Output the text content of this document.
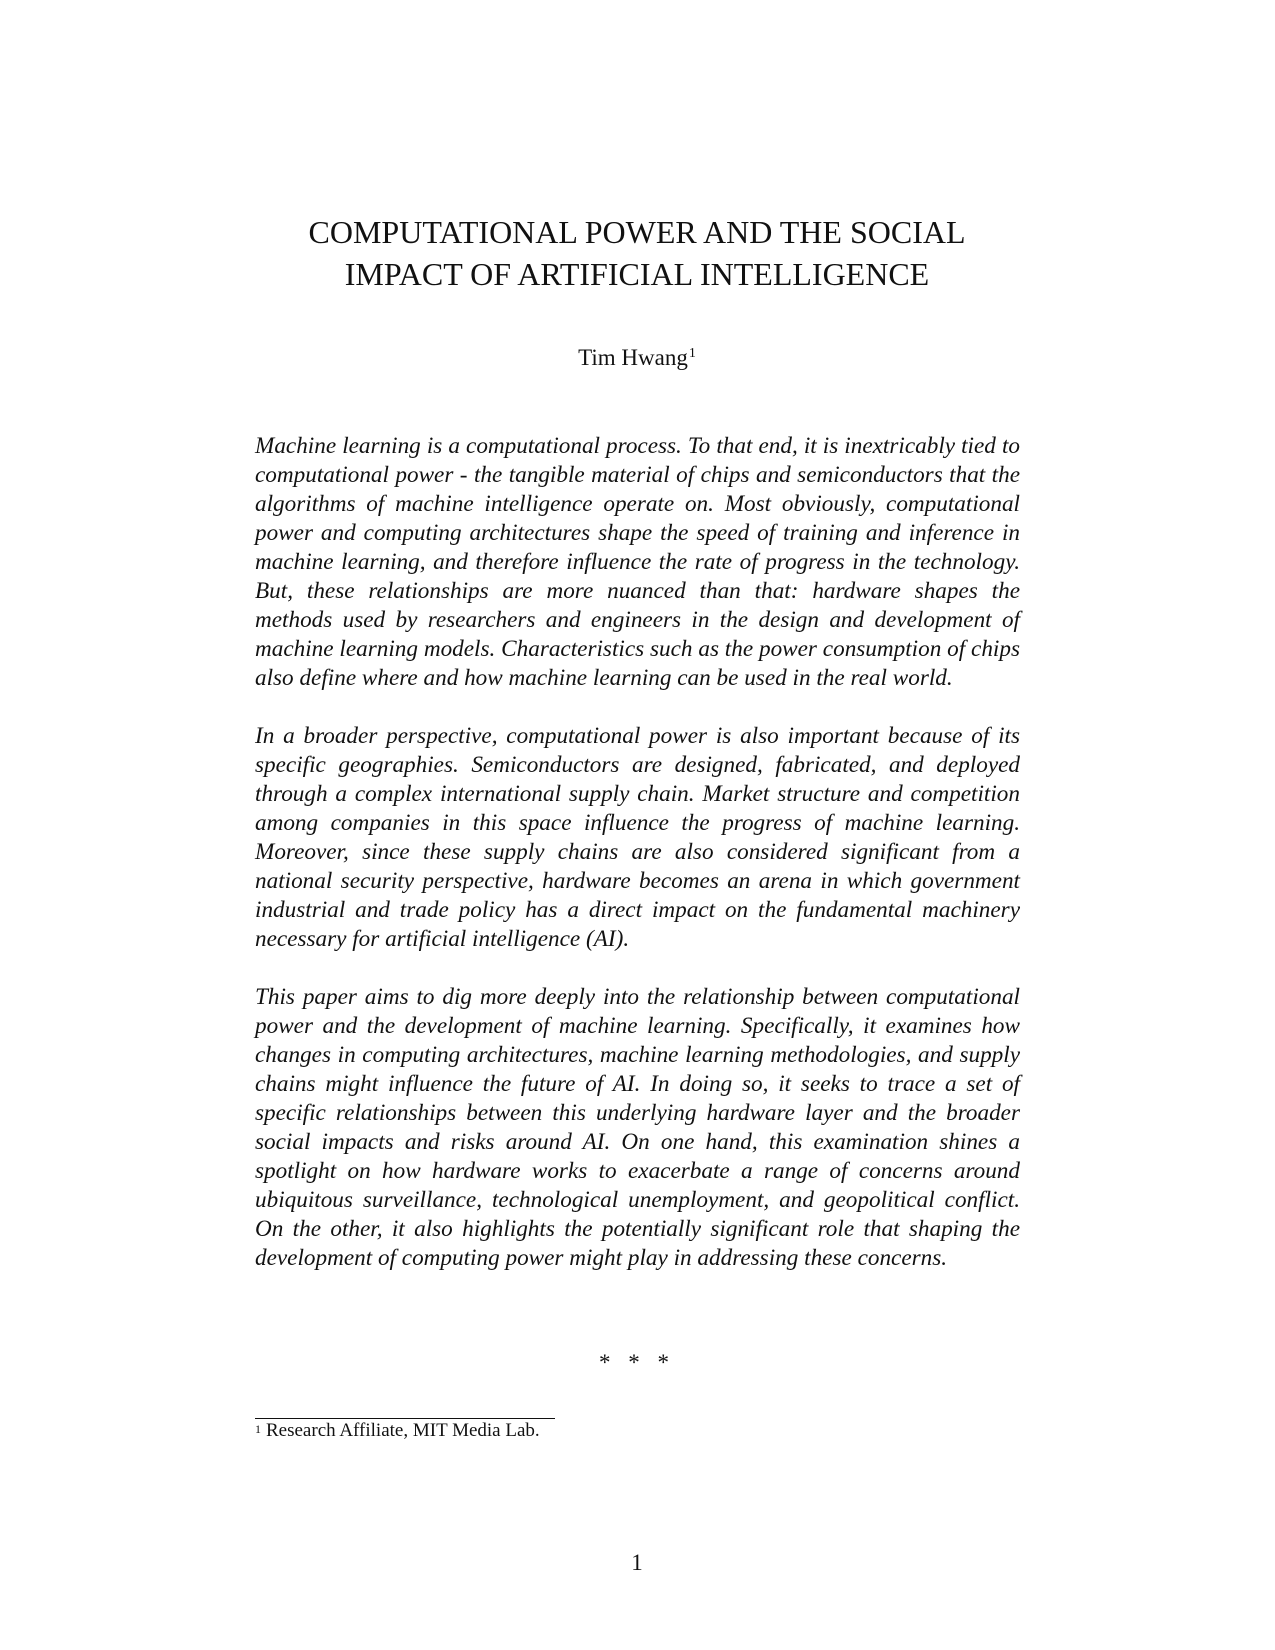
COMPUTATIONAL POWER AND THE SOCIAL
IMPACT OF ARTIFICIAL INTELLIGENCE
Tim Hwang$^1$

Machine learning is a computational process. To that end, it is inextricably tied to computational power - the tangible material of chips and semiconductors that the algorithms of machine intelligence operate on. Most obviously, computational power and computing architectures shape the speed of training and inference in machine learning, and therefore influence the rate of progress in the technology. But, these relationships are more nuanced than that: hardware shapes the methods used by researchers and engineers in the design and development of machine learning models. Characteristics such as the power consumption of chips also define where and how machine learning can be used in the real world.

In a broader perspective, computational power is also important because of its specific geographies. Semiconductors are designed, fabricated, and deployed through a complex international supply chain. Market structure and competition among companies in this space influence the progress of machine learning. Moreover, since these supply chains are also considered significant from a national security perspective, hardware becomes an arena in which government industrial and trade policy has a direct impact on the fundamental machinery necessary for artificial intelligence (AI).

This paper aims to dig more deeply into the relationship between computational power and the development of machine learning. Specifically, it examines how changes in computing architectures, machine learning methodologies, and supply chains might influence the future of AI. In doing so, it seeks to trace a set of specific relationships between this underlying hardware layer and the broader social impacts and risks around AI. On one hand, this examination shines a spotlight on how hardware works to exacerbate a range of concerns around ubiquitous surveillance, technological unemployment, and geopolitical conflict. On the other, it also highlights the potentially significant role that shaping the development of computing power might play in addressing these concerns.

* * *
$^1$ Research Affiliate, MIT Media Lab.
1
